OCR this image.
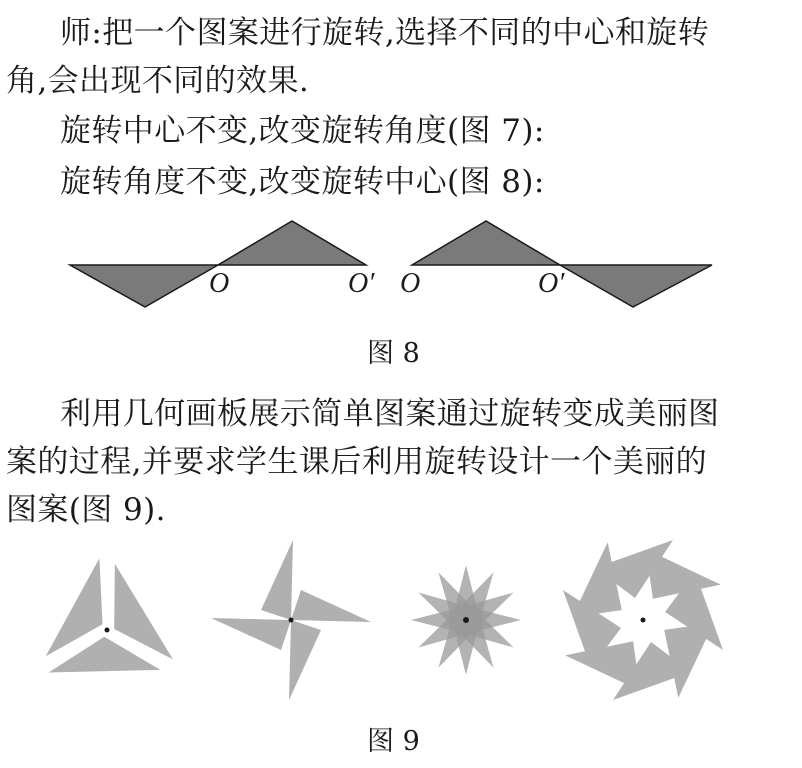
师:把一个图案进行旋转,选择不同的中心和旋转
角,会出现不同的效果.
旋转中心不变,改变旋转角度(图 7):
旋转角度不变,改变旋转中心(图 8):
O	O′ O	O′
图 8
利用几何画板展示简单图案通过旋转变成美丽图
案的过程,并要求学生课后利用旋转设计一个美丽的
图案(图 9).
图 9
